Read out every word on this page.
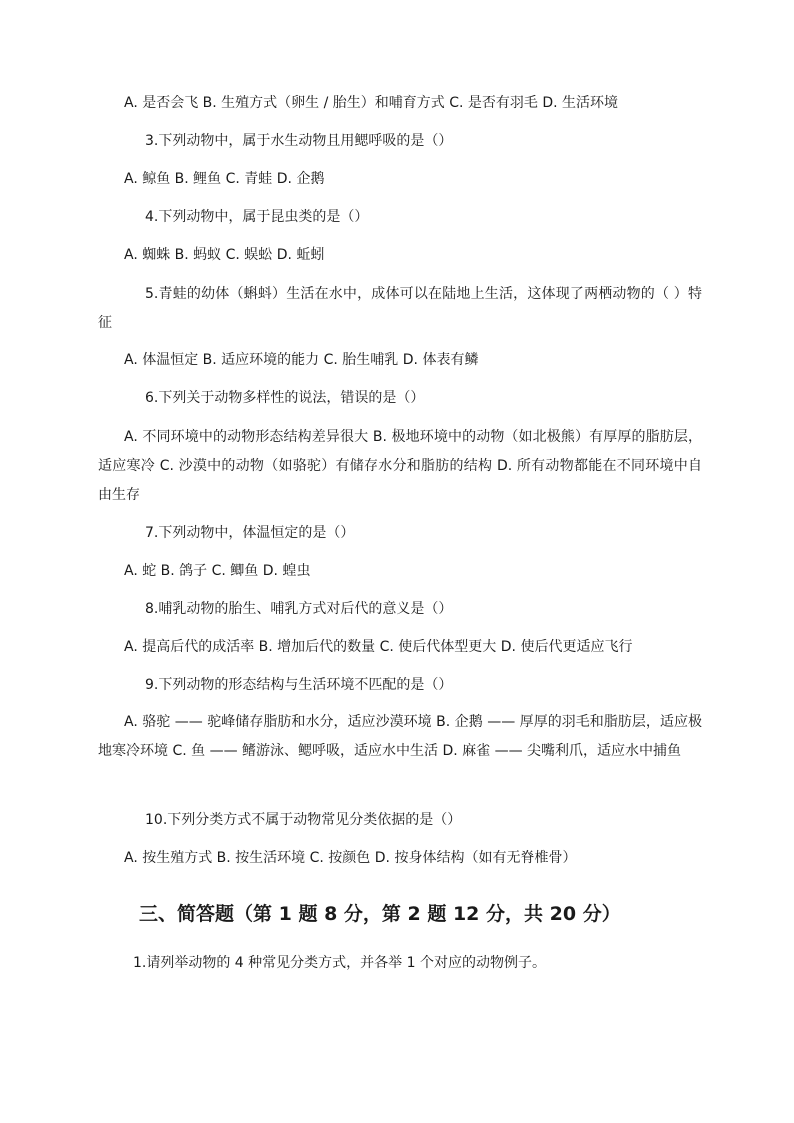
A. 是否会飞 B. 生殖方式（卵生 / 胎生）和哺育方式 C. 是否有羽毛 D. 生活环境

3.下列动物中，属于水生动物且用鳃呼吸的是（）

A. 鲸鱼 B. 鲤鱼 C. 青蛙 D. 企鹅

4.下列动物中，属于昆虫类的是（）

A. 蜘蛛 B. 蚂蚁 C. 蜈蚣 D. 蚯蚓

5.青蛙的幼体（蝌蚪）生活在水中，成体可以在陆地上生活，这体现了两栖动物的（ ）特征

A. 体温恒定 B. 适应环境的能力 C. 胎生哺乳 D. 体表有鳞

6.下列关于动物多样性的说法，错误的是（）

A. 不同环境中的动物形态结构差异很大 B. 极地环境中的动物（如北极熊）有厚厚的脂肪层，适应寒冷 C. 沙漠中的动物（如骆驼）有储存水分和脂肪的结构 D. 所有动物都能在不同环境中自由生存

7.下列动物中，体温恒定的是（）

A. 蛇 B. 鸽子 C. 鲫鱼 D. 蝗虫

8.哺乳动物的胎生、哺乳方式对后代的意义是（）

A. 提高后代的成活率 B. 增加后代的数量 C. 使后代体型更大 D. 使后代更适应飞行

9.下列动物的形态结构与生活环境不匹配的是（）

A. 骆驼 —— 驼峰储存脂肪和水分，适应沙漠环境 B. 企鹅 —— 厚厚的羽毛和脂肪层，适应极地寒冷环境 C. 鱼 —— 鳍游泳、鳃呼吸，适应水中生活 D. 麻雀 —— 尖嘴利爪，适应水中捕鱼

10.下列分类方式不属于动物常见分类依据的是（）

A. 按生殖方式 B. 按生活环境 C. 按颜色 D. 按身体结构（如有无脊椎骨）

三、简答题（第 1 题 8 分，第 2 题 12 分，共 20 分）

1.请列举动物的 4 种常见分类方式，并各举 1 个对应的动物例子。
